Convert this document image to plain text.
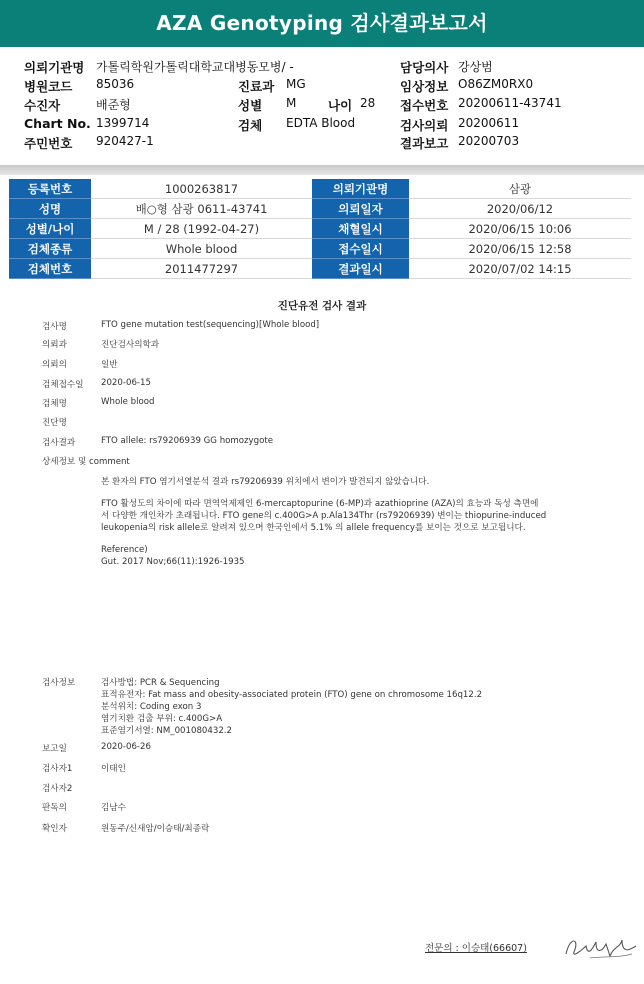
AZA Genotyping 검사결과보고서
의뢰기관명 가톨릭학원가톨릭대학교대병동모병/ -
병원코드 85036
수진자	배준형
Chart No. 1399714
주민번호 920427-1
진료과 MG
성별 M	나이 28
검체 EDTA Blood
담당의사 강상범
임상정보 O86ZM0RX0
접수번호 20200611-43741
검사의뢰 20200611
결과보고 20200703
등록번호	1000263817	의뢰기관명	삼광
성명	배○형 삼광 0611-43741	의뢰일자	2020/06/12
성별/나이	M / 28 (1992-04-27)	채혈일시	2020/06/15 10:06
검체종류	Whole blood	접수일시	2020/06/15 12:58
검체번호	2011477297	결과일시	2020/07/02 14:15
진단유전 검사 결과
검사명	FTO gene mutation test(sequencing)[Whole blood]
의뢰과	진단검사의학과
의뢰의	일반
검체접수일 2020-06-15
검체명	Whole blood
진단명
검사결과	FTO allele: rs79206939 GG homozygote
상세정보 및 comment
본 환자의 FTO 염기서열분석 결과 rs79206939 위치에서 변이가 발견되지 않았습니다.
FTO 활성도의 차이에 따라 면역억제제인 6-mercaptopurine (6-MP)과 azathioprine (AZA)의 효능과 독성 측면에
서 다양한 개인차가 초래됩니다. FTO gene의 c.400G>A p.Ala134Thr (rs79206939) 변이는 thiopurine-induced
leukopenia의 risk allele로 알려져 있으며 한국인에서 5.1% 의 allele frequency를 보이는 것으로 보고됩니다.
Reference)
Gut. 2017 Nov;66(11):1926-1935
검사정보	검사방법: PCR & Sequencing
표적유전자: Fat mass and obesity-associated protein (FTO) gene on chromosome 16q12.2
분석위치: Coding exon 3
염기치환 검출 부위: c.400G>A
표준염기서열: NM_001080432.2
보고일	2020-06-26
검사자1	이태인
검사자2
판독의	김남수
확인자	원동주/신새암/이승태/최종락
전문의 : 이승태(66607)
